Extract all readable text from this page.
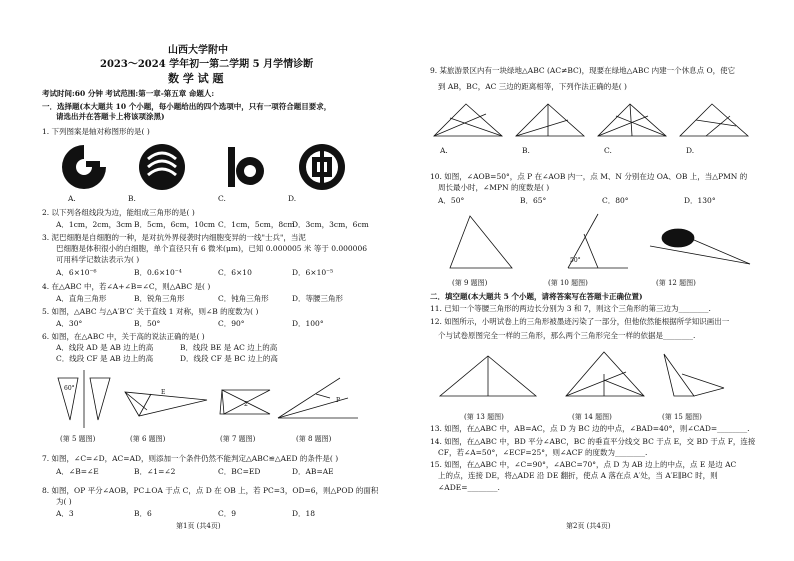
山西大学附中
2023～2024 学年初一第二学期 5 月学情诊断
数 学 试 题
考试时间:60 分钟 考试范围:第一章-第五章 命题人:
一．选择题(本大题共 10 个小题，每小题给出的四个选项中，只有一项符合题目要求，
请选出并在答题卡上将该项涂黑)
1. 下列图案是轴对称图形的是( )
A.	B.	C.	D.
2. 以下列各组线段为边，能组成三角形的是( )
A．1cm，2cm，3cm B．5cm，6cm，10cm C．1cm，5cm，8cm
D．3cm，3cm，6cm
3. 泥巴细胞是自细胞的一种，是对抗外界侵袭时内细胞变异的一线"士兵"，当泥
巴细胞是体积很小的白细胞，单个直径只有 6 微米(μm)，已知 0.000005 米 等于 0.000006
可用科学记数法表示为( )
A．6×10⁻⁶	B．0.6×10⁻⁴	C．6×10	D．6×10⁻⁵
4. 在△ABC 中，若∠A+∠B=∠C，则△ABC 是( )
A．直角三角形	B．锐角三角形	C．钝角三角形	D．等腰三角形
5. 如图，△ABC 与△A′B′C′ 关于直线 1 对称，则∠B 的度数为( )
A．30°	B．50°	C．90°	D．100°
6. 如图，在△ABC 中，关于高的说法正确的是( )
A．线段 AD 是 AB 边上的高	B．线段 BE 是 AC 边上的高
C．线段 CF 是 AB 边上的高	D．线段 CF 是 BC 边上的高
60°
E
2
P
(第 5 题图)	(第 6 题图)	(第 7 题图)	(第 8 题图)
7. 如图，∠C=∠D，AC=AD，则添加一个条件仍然不能判定△ABC≌△AED 的条件是( )
A．∠B=∠E	B．∠1=∠2	C．BC=ED	D．AB=AE
8. 如图，OP 平分∠AOB，PC⊥OA 于点 C，点 D 在 OB 上，若 PC=3，OD=6，则△POD 的面积
为( )
A．3	B．6	C．9	D．18
第1页 (共4页)
9. 某旅游景区内有一块绿地△ABC (AC≠BC)，现要在绿地△ABC 内建一个休息点 O，使它
到 AB，BC，AC 三边的距离相等，下列作法正确的是( )
A.	B.	C.	D.
10. 如图，∠AOB=50°，点 P 在∠AOB 内一，点 M、N 分别在边 OA、OB 上，当△PMN 的
周长最小时，∠MPN 的度数是( )
A．50°	B．65°	C．80°	D．130°
50°
(第 9 题图)	(第 10 题图)	(第 12 题图)
二．填空题(本大题共 5 个小题，请将答案写在答题卡正确位置)
11. 已知一个等腰三角形的两边长分别为 3 和 7，则这个三角形的第三边为________.
12. 如图所示，小明试卷上的三角形被墨迹污染了一部分，但他依然能根据所学知识画出一
个与试卷原图完全一样的三角形，那么两个三角形完全一样的依据是________.
(第 13 题图)	(第 14 题图)	(第 15 题图)
13. 如图，在△ABC 中，AB=AC，点 D 为 BC 边的中点，∠BAD=40°，则∠CAD=________.
14. 如图，在△ABC 中，BD 平分∠ABC，BC 的垂直平分线交 BC 于点 E，交 BD 于点 F，连接
CF，若∠A=50°，∠ECF=25°，则∠ACF 的度数为________.
15. 如图，在△ABC 中，∠C=90°，∠ABC=70°，点 D 为 AB 边上的中点，点 E 是边 AC
上的点，连接 DE，将△ADE 沿 DE 翻折，使点 A 落在点 A′处，当 A′E∥BC 时，则
∠ADE=________.
第2页 (共4页)
